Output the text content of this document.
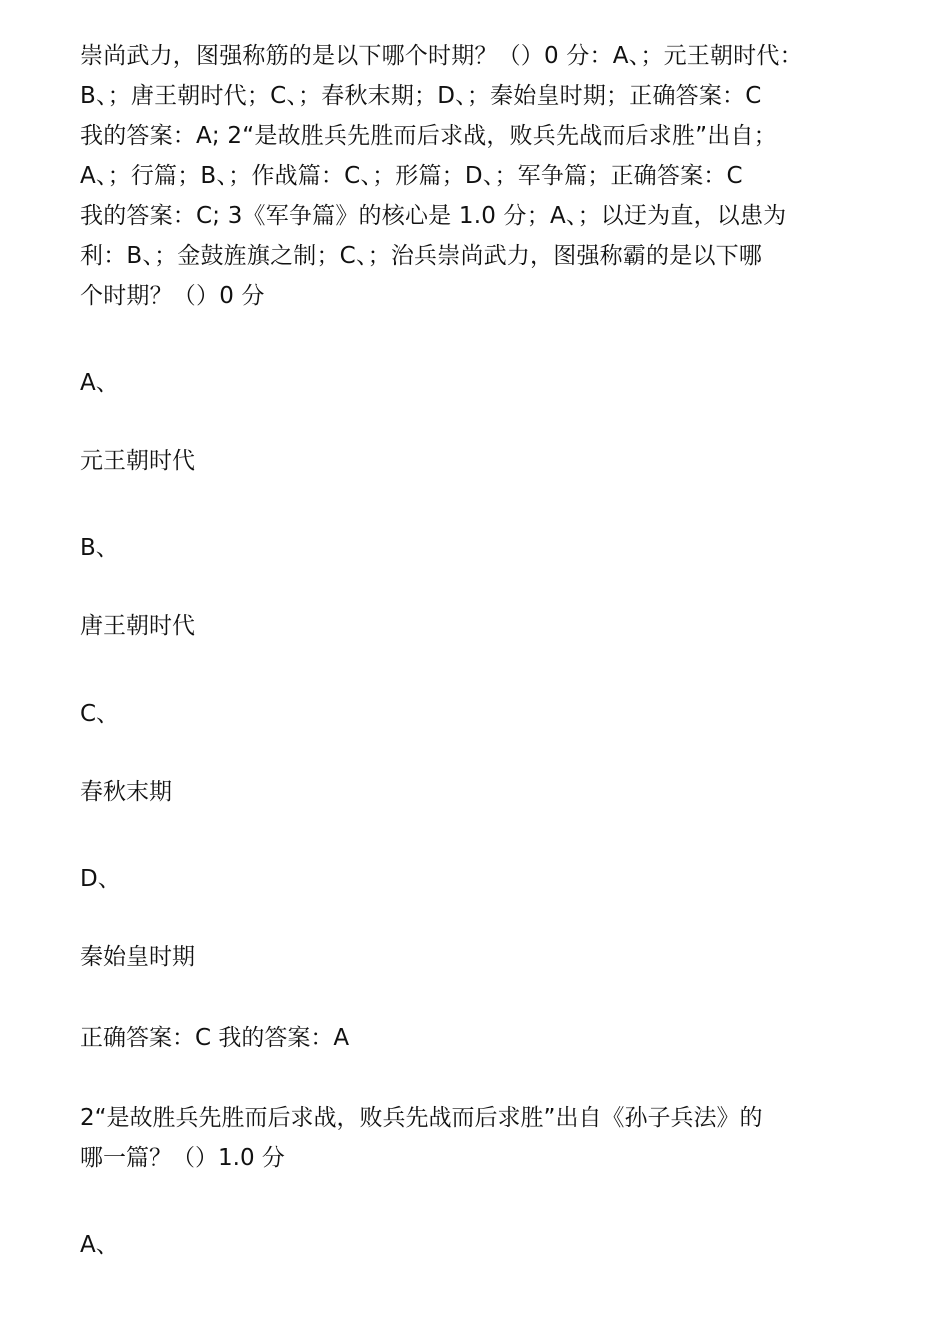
崇尚武力，图强称筋的是以下哪个时期？（）0 分：A、；元王朝时代：
B、；唐王朝时代；C、；春秋末期；D、；秦始皇时期；正确答案：C
我的答案：A; 2“是故胜兵先胜而后求战，败兵先战而后求胜”出自；
A、；行篇；B、；作战篇：C、；形篇；D、；军争篇；正确答案：C
我的答案：C; 3《军争篇》的核心是 1.0 分；A、；以迂为直，以患为
利：B、；金鼓旌旗之制；C、；治兵崇尚武力，图强称霸的是以下哪
个时期？（）0 分

A、

元王朝时代

B、

唐王朝时代

C、

春秋末期

D、

秦始皇时期

正确答案：C 我的答案：A

2“是故胜兵先胜而后求战，败兵先战而后求胜”出自《孙子兵法》的

哪一篇？（）1.0 分

A、
